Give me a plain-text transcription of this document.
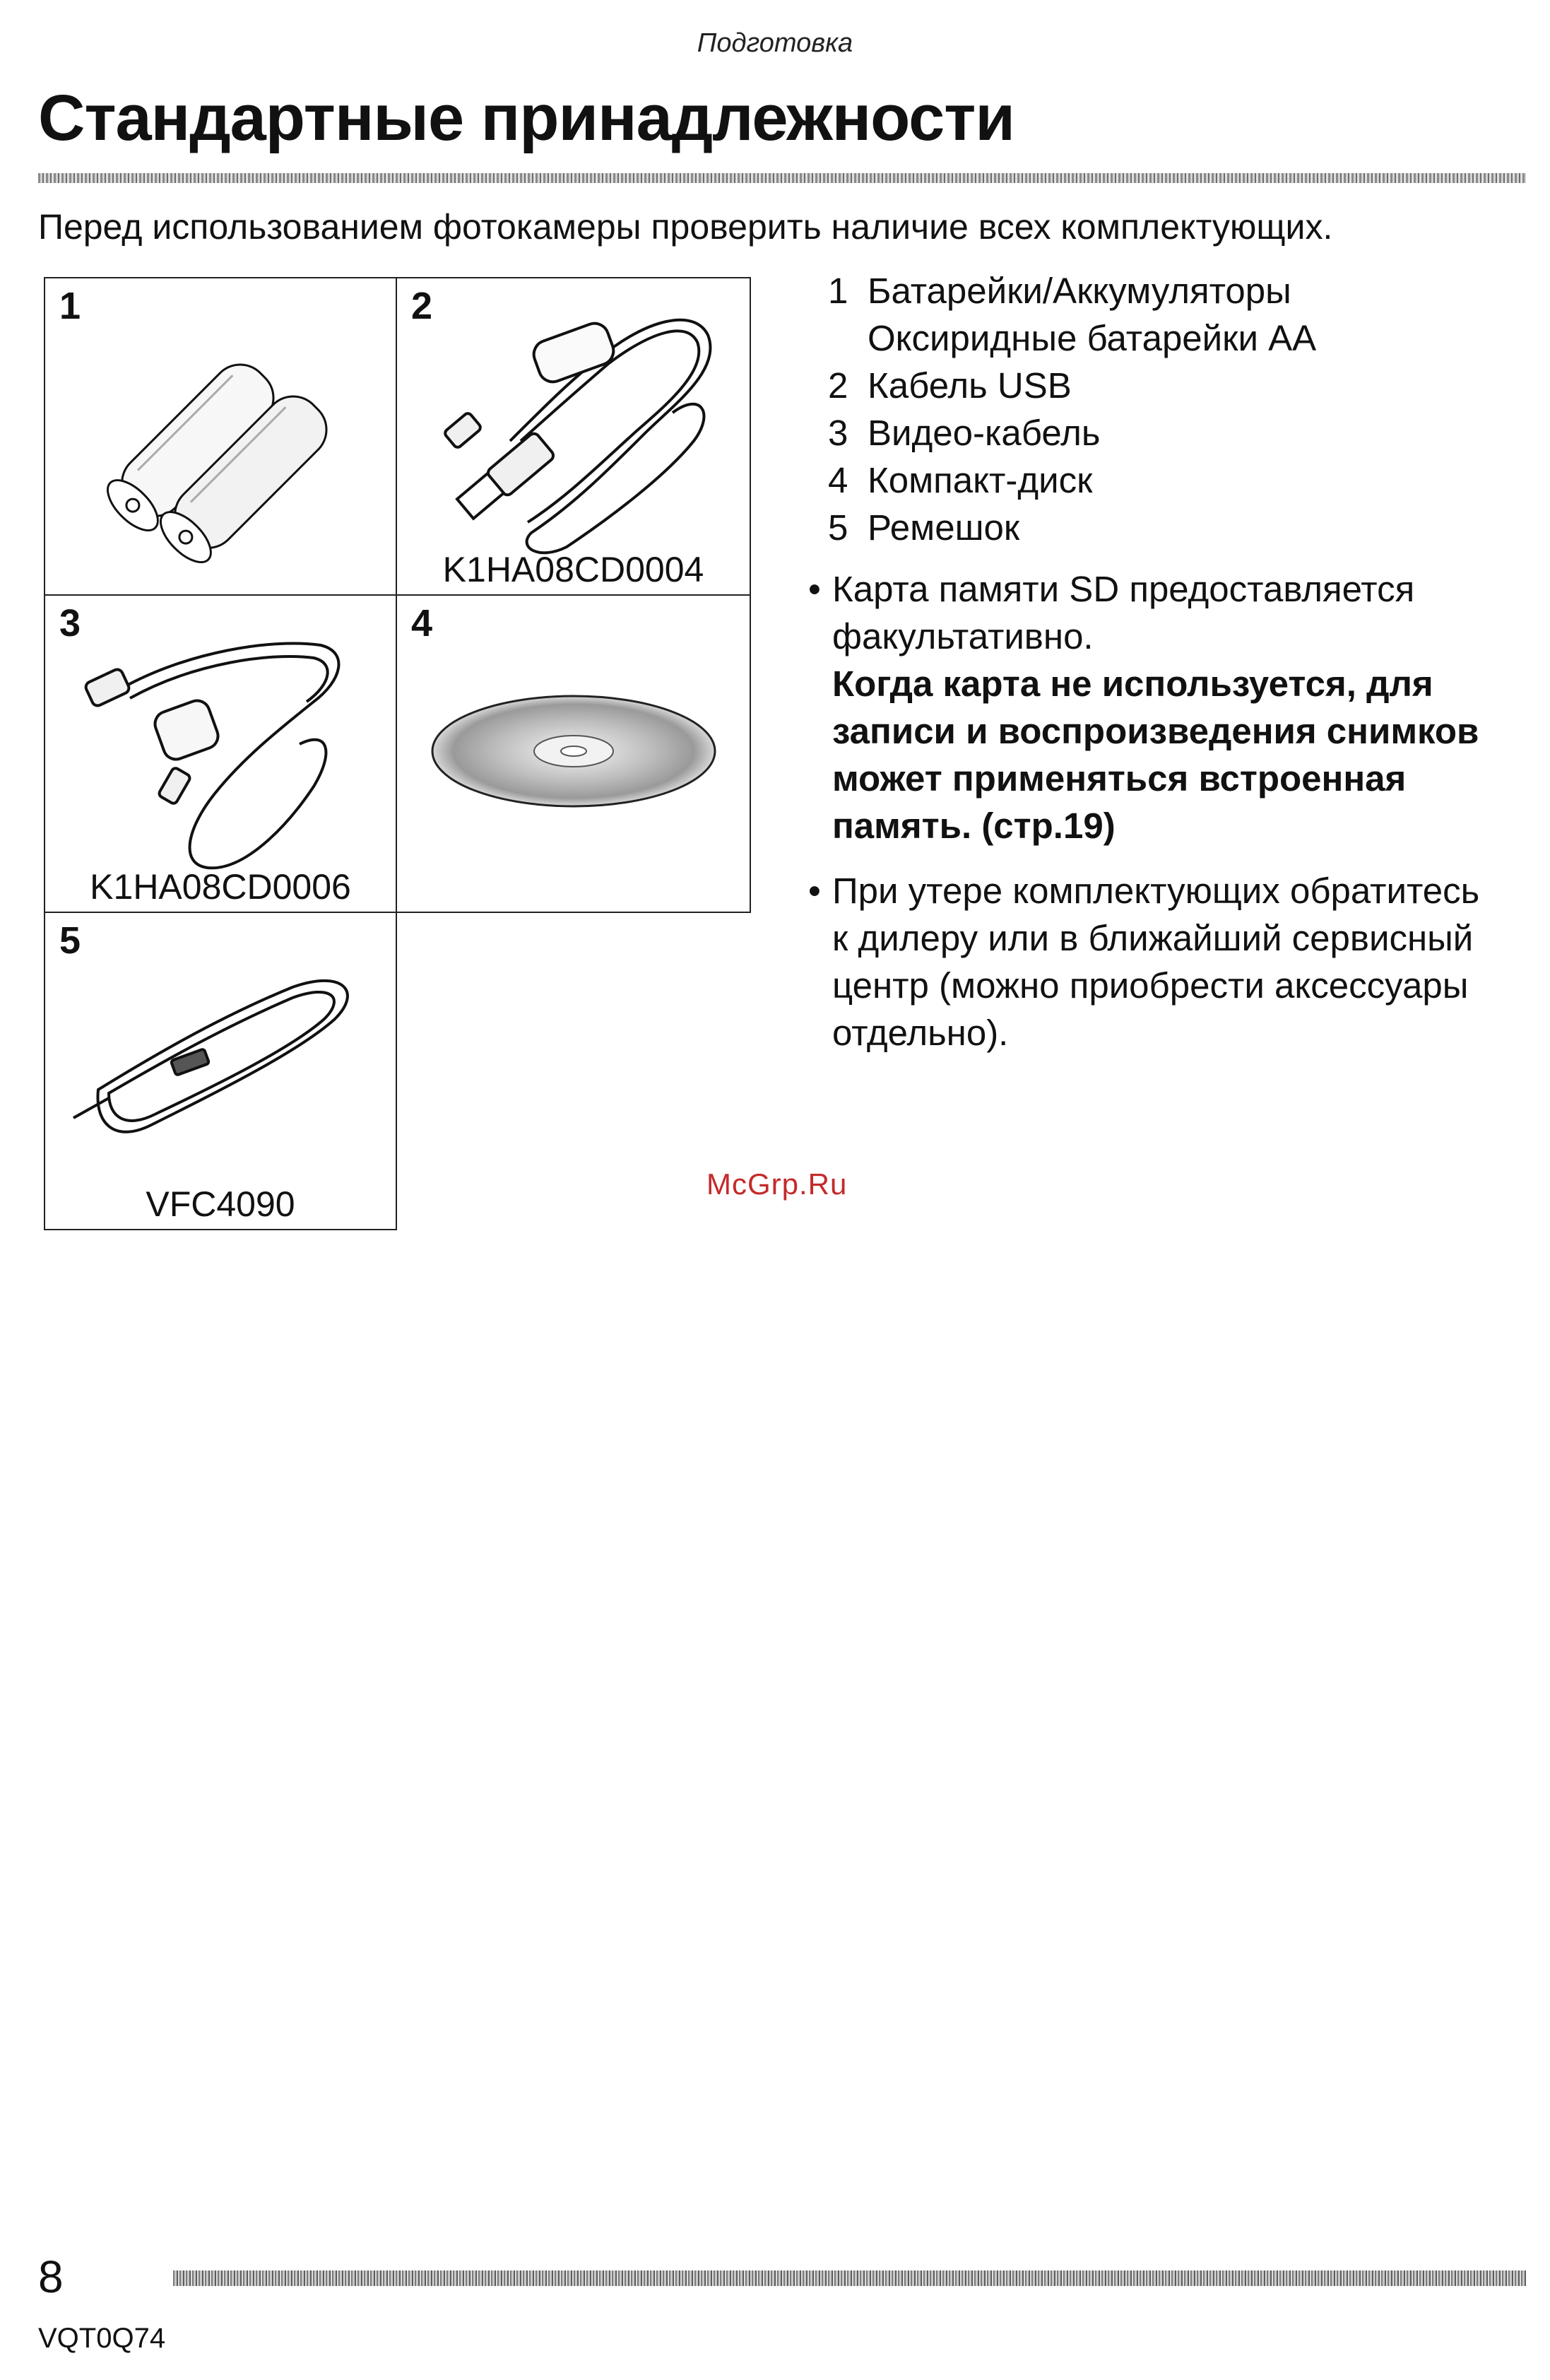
Подготовка
Стандартные принадлежности
Перед использованием фотокамеры проверить наличие всех комплектующих.
1	2
K1HA08CD0004
3
K1HA08CD0006
4
5
VFC4090
1 Батарейки/Аккумуляторы
Оксиридные батарейки АА
2 Кабель USB
3 Видео-кабель
4 Компакт-диск
5 Ремешок
• Карта памяти SD предоставляется
факультативно.
Когда карта не используется, для
записи и воспроизведения снимков
может применяться встроенная
память. (стр.19)
• При утере комплектующих обратитесь
к дилеру или в ближайший сервисный
центр (можно приобрести аксессуары
отдельно).
McGrp.Ru
8
VQT0Q74
